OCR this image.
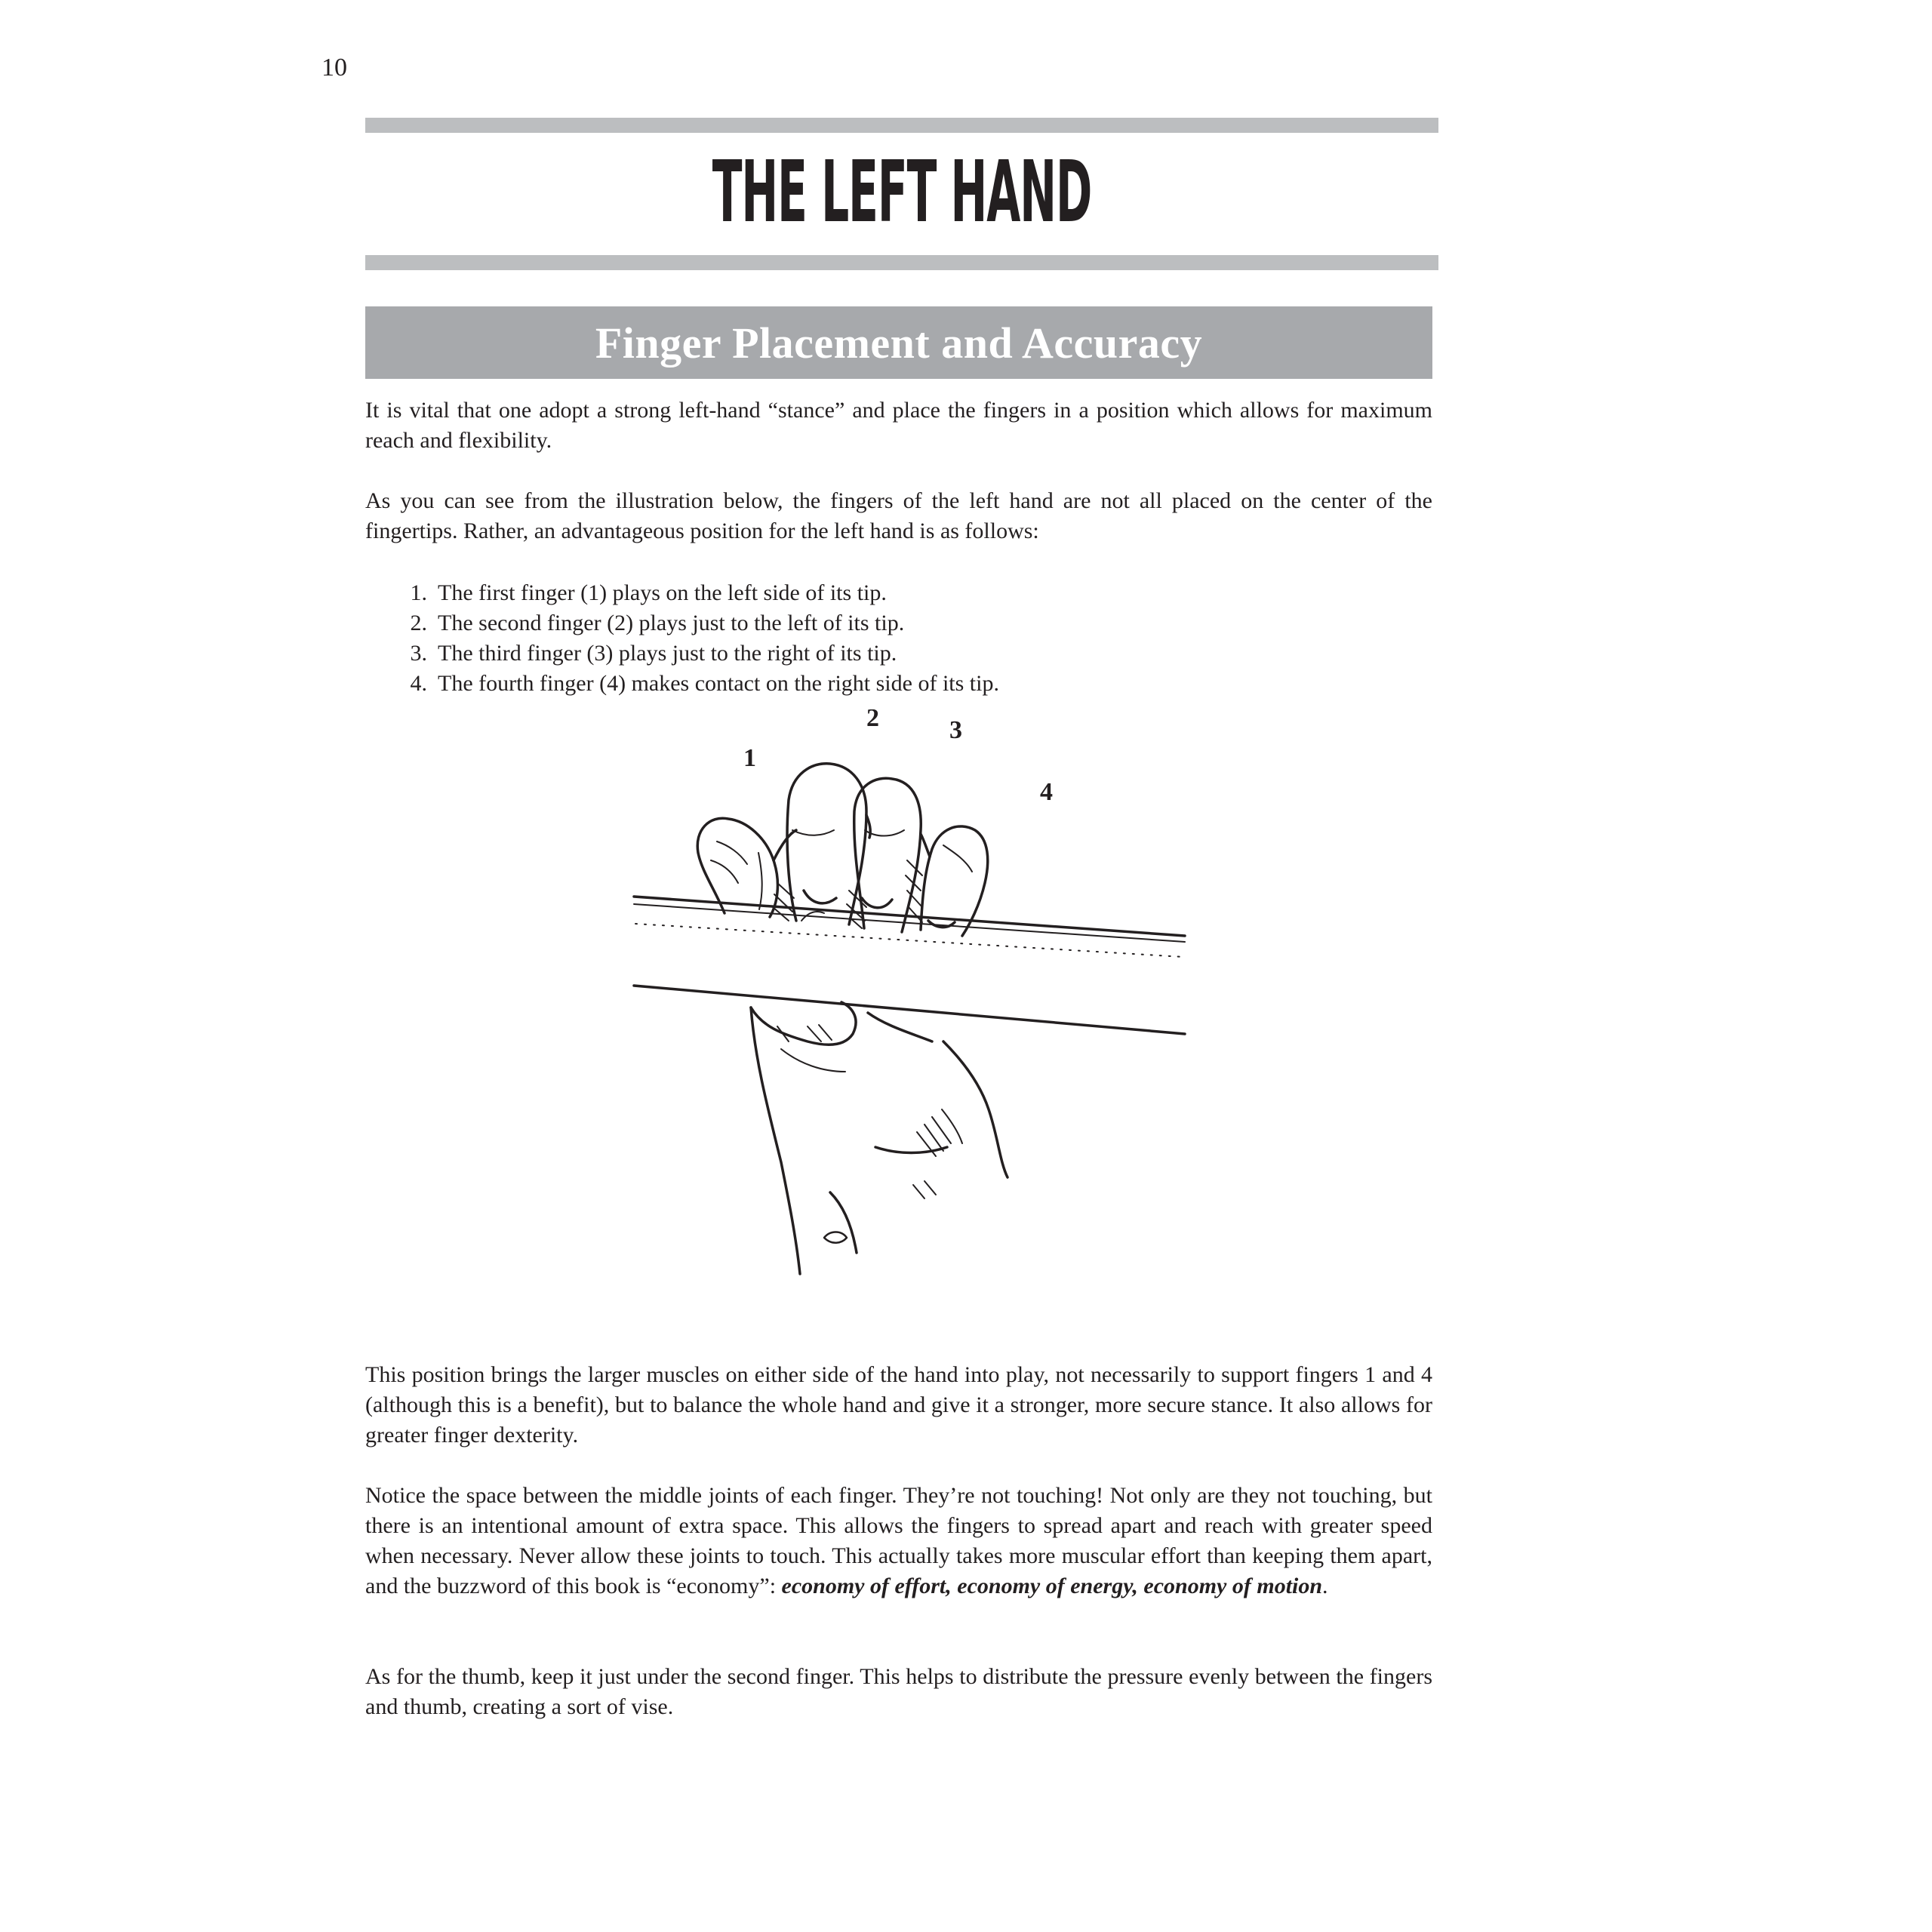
10
THE LEFT HAND
Finger Placement and Accuracy

It is vital that one adopt a strong left-hand “stance” and place the fingers in a position which allows for maximum reach and flexibility.

As you can see from the illustration below, the fingers of the left hand are not all placed on the center of the fingertips. Rather, an advantageous position for the left hand is as follows:

1. The first finger (1) plays on the left side of its tip.
2. The second finger (2) plays just to the left of its tip.
3. The third finger (3) plays just to the right of its tip.
4. The fourth finger (4) makes contact on the right side of its tip.
1
2	3
4

This position brings the larger muscles on either side of the hand into play, not necessarily to support fingers 1 and 4 (although this is a benefit), but to balance the whole hand and give it a stronger, more secure stance. It also allows for greater finger dexterity.

Notice the space between the middle joints of each finger. They’re not touching! Not only are they not touching, but there is an intentional amount of extra space. This allows the fingers to spread apart and reach with greater speed when necessary. Never allow these joints to touch. This actually takes more muscular effort than keeping them apart, and the buzzword of this book is “economy”: economy of effort, economy of energy, economy of motion.

As for the thumb, keep it just under the second finger. This helps to distribute the pressure evenly between the fingers and thumb, creating a sort of vise.
